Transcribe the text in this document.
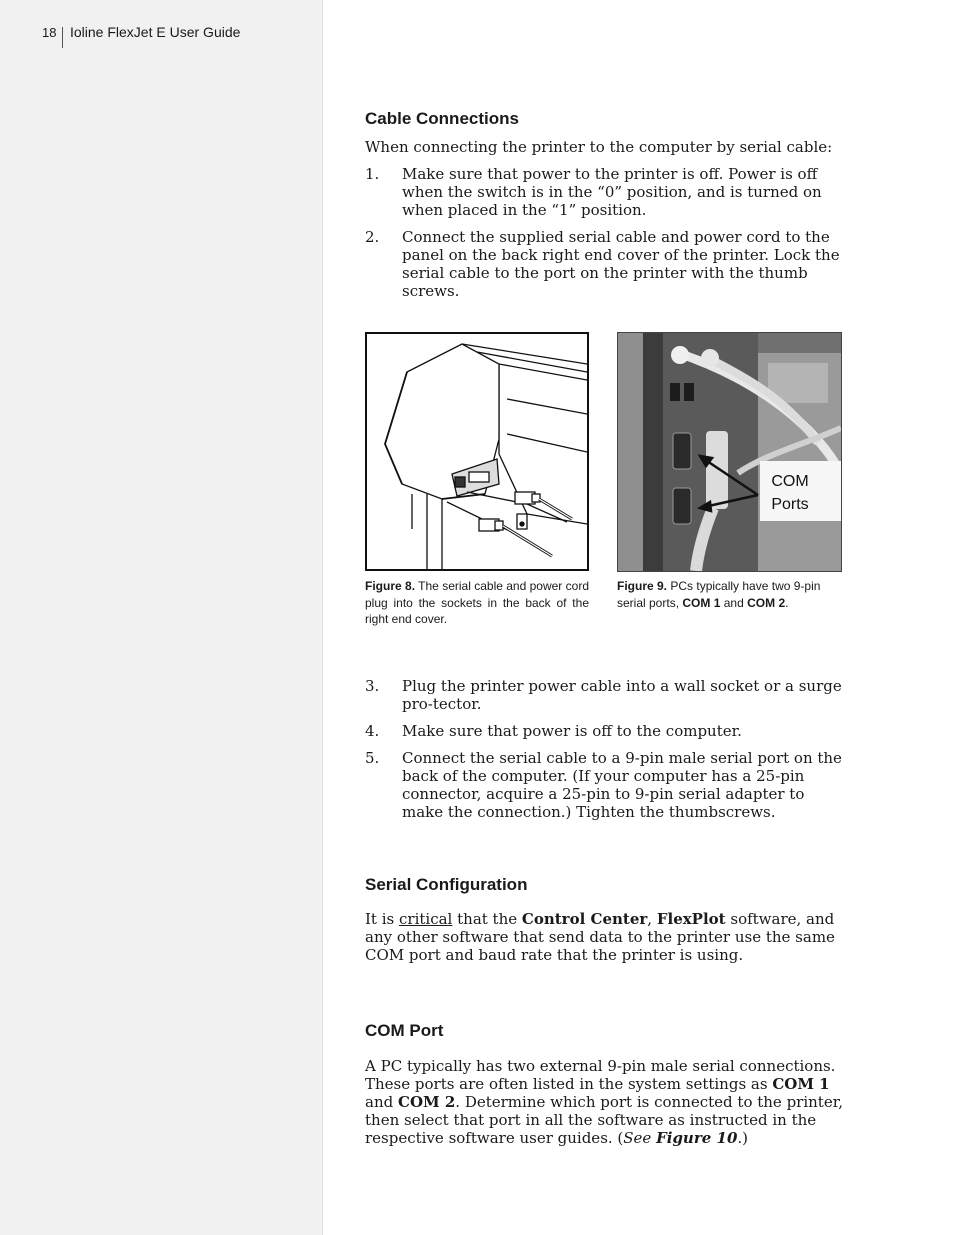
18 Ioline FlexJet E User Guide
Cable Connections
When connecting the printer to the computer by serial cable:
1. Make sure that power to the printer is off. Power is off when the switch is in the “0” position, and is turned on when placed in the “1” position.
2. Connect the supplied serial cable and power cord to the panel on the back right end cover of the printer. Lock the serial cable to the port on the printer with the thumb screws.
COM
Ports
Figure 8. The serial cable and power cord plug into the sockets in the back of the right end cover.
Figure 9. PCs typically have two 9-pin serial ports, COM 1 and COM 2.
3. Plug the printer power cable into a wall socket or a surge pro-tector.
4. Make sure that power is off to the computer.
5. Connect the serial cable to a 9-pin male serial port on the back of the computer. (If your computer has a 25-pin connector, acquire a 25-pin to 9-pin serial adapter to make the connection.) Tighten the thumbscrews.
Serial Configuration
It is critical that the Control Center, FlexPlot software, and any other software that send data to the printer use the same COM port and baud rate that the printer is using.
COM Port
A PC typically has two external 9-pin male serial connections. These ports are often listed in the system settings as COM 1 and COM 2. Determine which port is connected to the printer, then select that port in all the software as instructed in the respective software user guides. (See Figure 10.)
